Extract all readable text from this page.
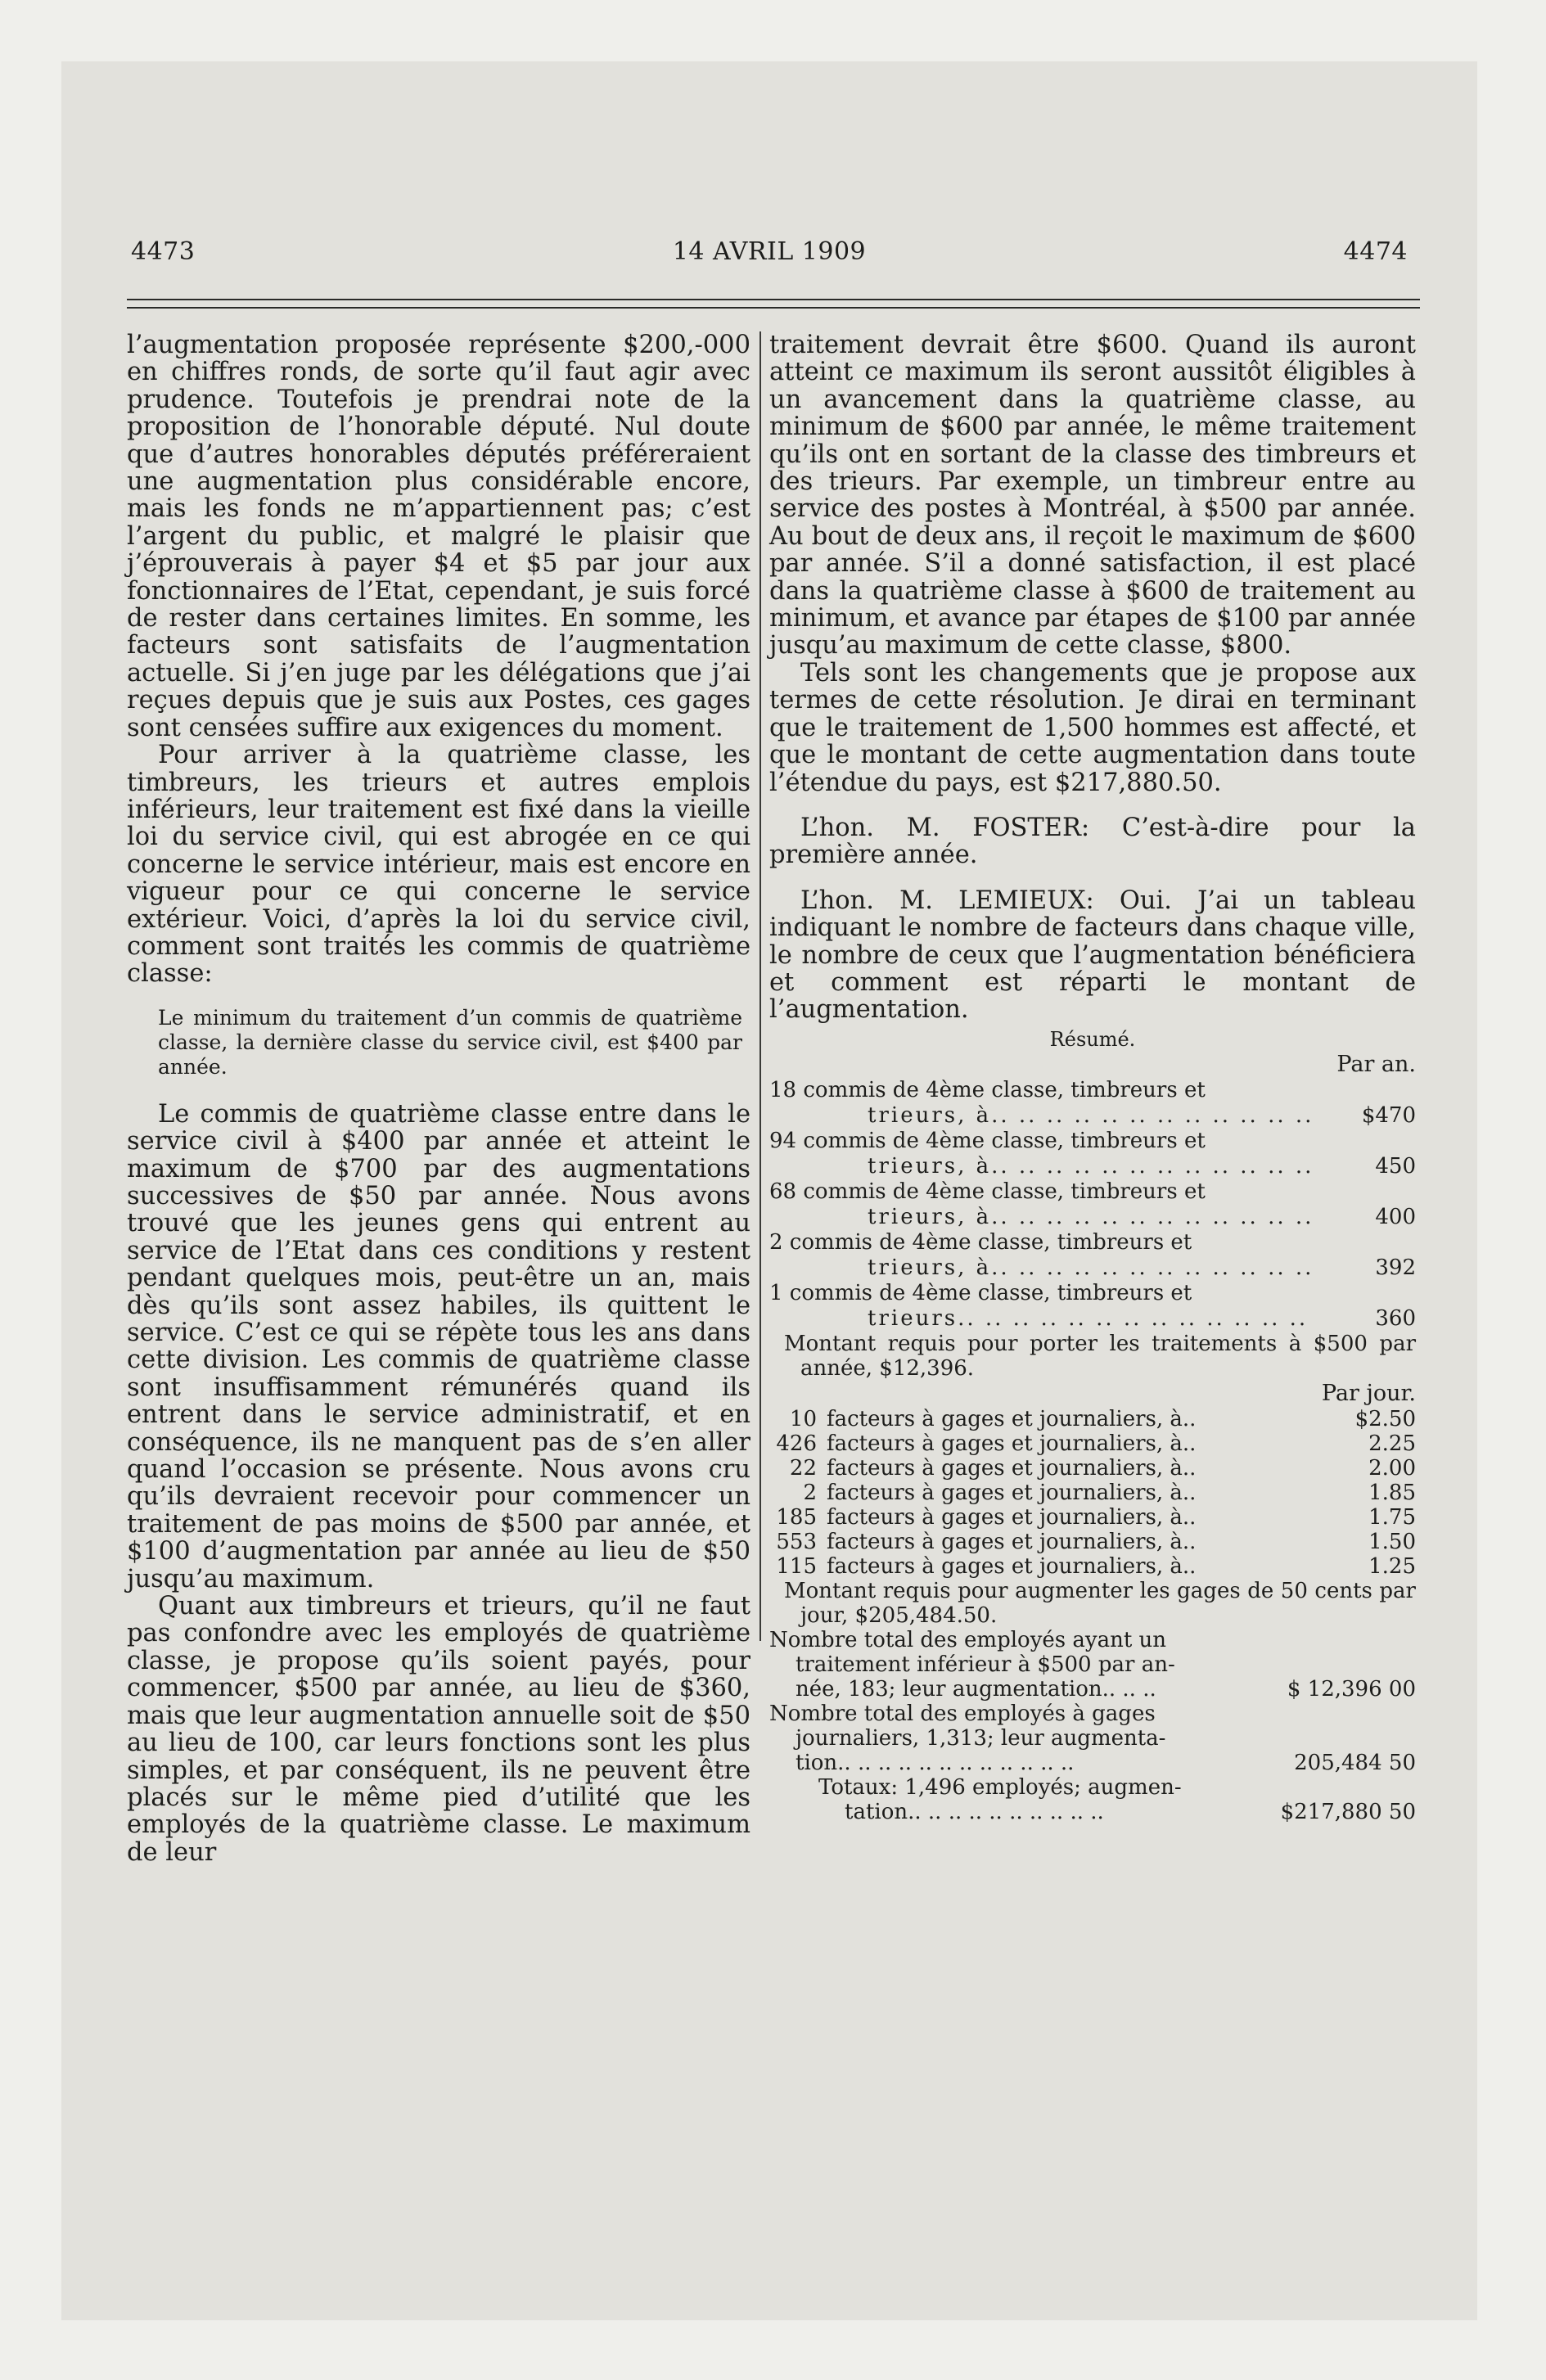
4473	14 AVRIL 1909	4474

l’augmentation proposée représente $200,-000 en chiffres ronds, de sorte qu’il faut agir avec prudence. Toutefois je prendrai note de la proposition de l’honorable député. Nul doute que d’autres honorables députés préféreraient une augmentation plus considérable encore, mais les fonds ne m’appartiennent pas; c’est l’argent du public, et malgré le plaisir que j’éprouverais à payer $4 et $5 par jour aux fonctionnaires de l’Etat, cependant, je suis forcé de rester dans certaines limites. En somme, les facteurs sont satisfaits de l’augmentation actuelle. Si j’en juge par les délégations que j’ai reçues depuis que je suis aux Postes, ces gages sont censées suffire aux exigences du moment.

Pour arriver à la quatrième classe, les timbreurs, les trieurs et autres emplois inférieurs, leur traitement est fixé dans la vieille loi du service civil, qui est abrogée en ce qui concerne le service intérieur, mais est encore en vigueur pour ce qui concerne le service extérieur. Voici, d’après la loi du service civil, comment sont traités les commis de quatrième classe:

Le minimum du traitement d’un commis de quatrième classe, la dernière classe du service civil, est $400 par année.

Le commis de quatrième classe entre dans le service civil à $400 par année et atteint le maximum de $700 par des augmentations successives de $50 par année. Nous avons trouvé que les jeunes gens qui entrent au service de l’Etat dans ces conditions y restent pendant quelques mois, peut-être un an, mais dès qu’ils sont assez habiles, ils quittent le service. C’est ce qui se répète tous les ans dans cette division. Les commis de quatrième classe sont insuffisamment rémunérés quand ils entrent dans le service administratif, et en conséquence, ils ne manquent pas de s’en aller quand l’occasion se présente. Nous avons cru qu’ils devraient recevoir pour commencer un traitement de pas moins de $500 par année, et $100 d’augmentation par année au lieu de $50 jusqu’au maximum.

Quant aux timbreurs et trieurs, qu’il ne faut pas confondre avec les employés de quatrième classe, je propose qu’ils soient payés, pour commencer, $500 par année, au lieu de $360, mais que leur augmentation annuelle soit de $50 au lieu de 100, car leurs fonctions sont les plus simples, et par conséquent, ils ne peuvent être placés sur le même pied d’utilité que les employés de la quatrième classe. Le maximum de leur

traitement devrait être $600. Quand ils auront atteint ce maximum ils seront aussitôt éligibles à un avancement dans la quatrième classe, au minimum de $600 par année, le même traitement qu’ils ont en sortant de la classe des timbreurs et des trieurs. Par exemple, un timbreur entre au service des postes à Montréal, à $500 par année. Au bout de deux ans, il reçoit le maximum de $600 par année. S’il a donné satisfaction, il est placé dans la quatrième classe à $600 de traitement au minimum, et avance par étapes de $100 par année jusqu’au maximum de cette classe, $800.

Tels sont les changements que je propose aux termes de cette résolution. Je dirai en terminant que le traitement de 1,500 hommes est affecté, et que le montant de cette augmentation dans toute l’étendue du pays, est $217,880.50.

L’hon. M. FOSTER: C’est-à-dire pour la première année.

L’hon. M. LEMIEUX: Oui. J’ai un tableau indiquant le nombre de facteurs dans chaque ville, le nombre de ceux que l’augmentation bénéficiera et comment est réparti le montant de l’augmentation.

Résumé.
Par an.
18 commis de 4ème classe, timbreurs et
trieurs, à.. .. .. .. .. .. .. .. .. .. .. ..	$470
94 commis de 4ème classe, timbreurs et
trieurs, à.. .. .. .. .. .. .. .. .. .. .. ..	450
68 commis de 4ème classe, timbreurs et
trieurs, à.. .. .. .. .. .. .. .. .. .. .. ..	400
2 commis de 4ème classe, timbreurs et
trieurs, à.. .. .. .. .. .. .. .. .. .. .. ..	392
1 commis de 4ème classe, timbreurs et
trieurs.. .. .. .. .. .. .. .. .. .. .. .. ..	360

Montant requis pour porter les traitements à $500 par année, $12,396.

Par jour.
10 facteurs à gages et journaliers, à..	$2.50
426 facteurs à gages et journaliers, à..	2.25
22 facteurs à gages et journaliers, à..	2.00
2 facteurs à gages et journaliers, à..	1.85
185 facteurs à gages et journaliers, à..	1.75
553 facteurs à gages et journaliers, à..	1.50
115 facteurs à gages et journaliers, à..	1.25

Montant requis pour augmenter les gages de 50 cents par jour, $205,484.50.

Nombre total des employés ayant un
traitement inférieur à $500 par an-
née, 183; leur augmentation.. .. ..	$ 12,396 00
Nombre total des employés à gages
journaliers, 1,313; leur augmenta-
tion.. .. .. .. .. .. .. .. .. .. .. ..	205,484 50
Totaux: 1,496 employés; augmen-
tation.. .. .. .. .. .. .. .. .. ..	$217,880 50
